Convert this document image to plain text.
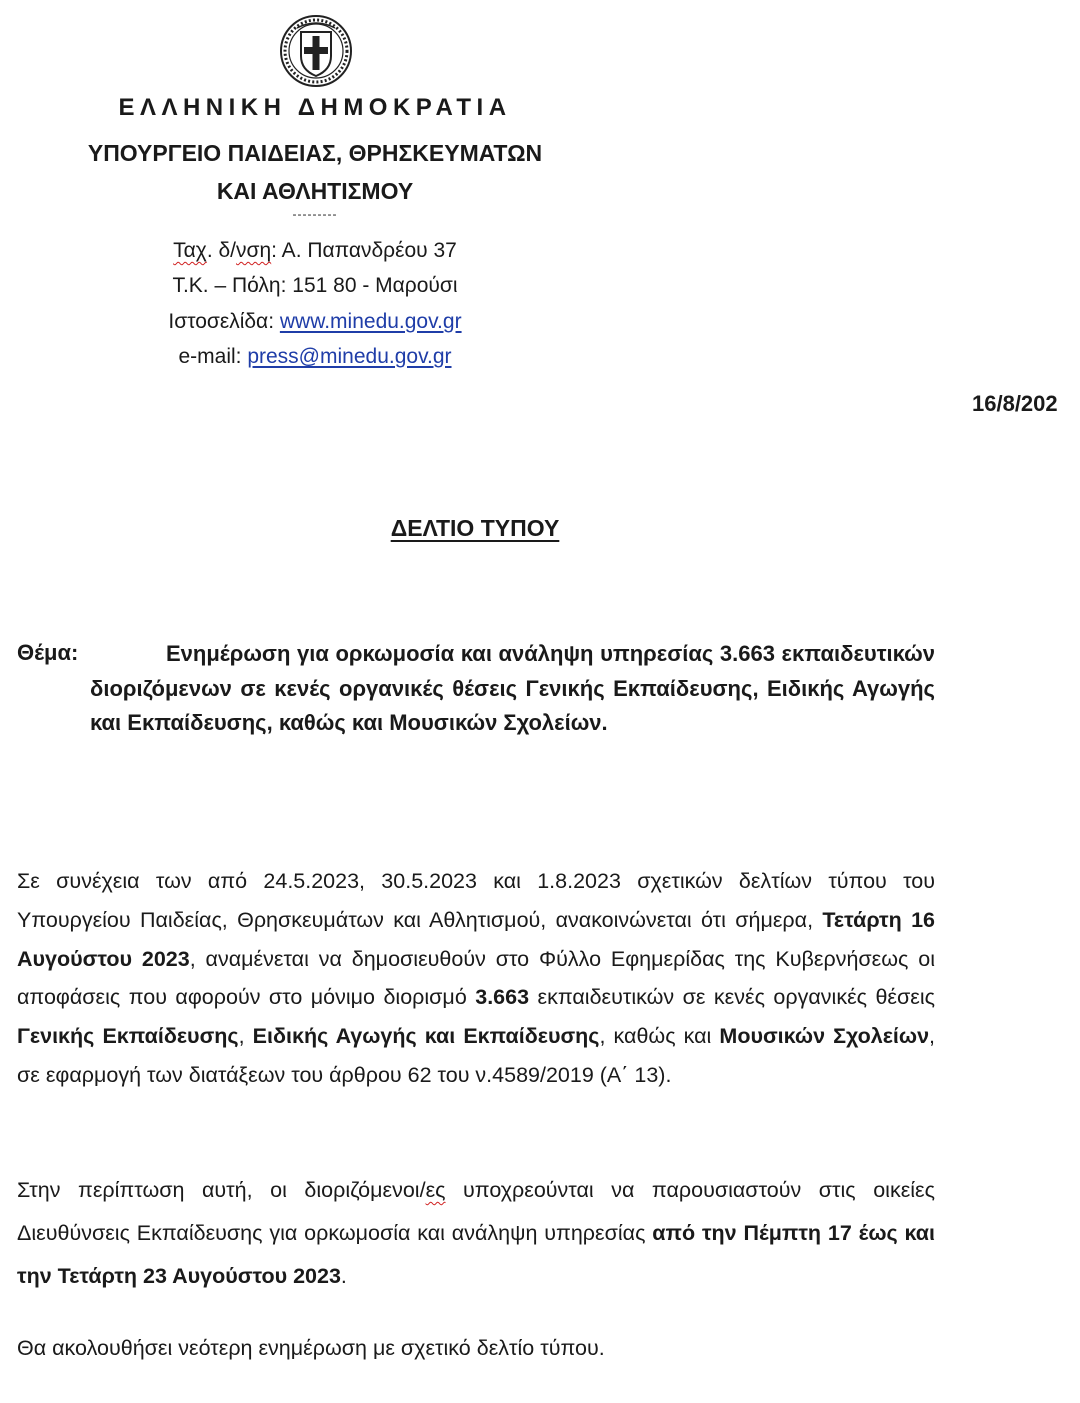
ΕΛΛΗΝΙΚΗ ΔΗΜΟΚΡΑΤΙΑ
ΥΠΟΥΡΓΕΙΟ ΠΑΙΔΕΙΑΣ, ΘΡΗΣΚΕΥΜΑΤΩΝ
ΚΑΙ ΑΘΛΗΤΙΣΜΟΥ
---------
Ταχ. δ/νση: Α. Παπανδρέου 37
Τ.Κ. – Πόλη: 151 80 - Μαρούσι
Ιστοσελίδα: www.minedu.gov.gr
e-mail: press@minedu.gov.gr
16/8/202
ΔΕΛΤΙΟ ΤΥΠΟΥ
Θέμα:	Ενημέρωση για ορκωμοσία και ανάληψη υπηρεσίας 3.663 εκπαιδευτικών διοριζόμενων σε κενές οργανικές θέσεις Γενικής Εκπαίδευσης, Ειδικής Αγωγής και Εκπαίδευσης, καθώς και Μουσικών Σχολείων.
Σε συνέχεια των από 24.5.2023, 30.5.2023 και 1.8.2023 σχετικών δελτίων τύπου του Υπουργείου Παιδείας, Θρησκευμάτων και Αθλητισμού, ανακοινώνεται ότι σήμερα, Τετάρτη 16 Αυγούστου 2023, αναμένεται να δημοσιευθούν στο Φύλλο Εφημερίδας της Κυβερνήσεως οι αποφάσεις που αφορούν στο μόνιμο διορισμό 3.663 εκπαιδευτικών σε κενές οργανικές θέσεις Γενικής Εκπαίδευσης, Ειδικής Αγωγής και Εκπαίδευσης, καθώς και Μουσικών Σχολείων, σε εφαρμογή των διατάξεων του άρθρου 62 του ν.4589/2019 (Α΄ 13).
Στην περίπτωση αυτή, οι διοριζόμενοι/ες υποχρεούνται να παρουσιαστούν στις οικείες Διευθύνσεις Εκπαίδευσης για ορκωμοσία και ανάληψη υπηρεσίας από την Πέμπτη 17 έως και την Τετάρτη 23 Αυγούστου 2023.
Θα ακολουθήσει νεότερη ενημέρωση με σχετικό δελτίο τύπου.
